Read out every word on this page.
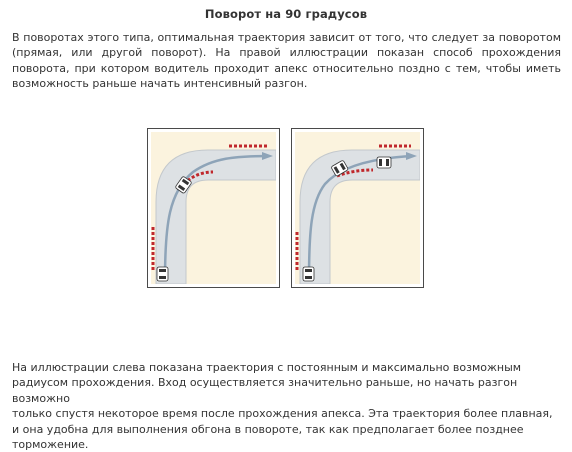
Поворот на 90 градусов

В поворотах этого типа, оптимальная траектория зависит от того, что следует за поворотом (прямая, или другой поворот). На правой иллюстрации показан способ прохождения поворота, при котором водитель проходит апекс относительно поздно с тем, чтобы иметь возможность раньше начать интенсивный разгон.

На иллюстрации слева показана траектория с постоянным и максимально возможным
радиусом прохождения. Вход осуществляется значительно раньше, но начать разгон возможно
только спустя некоторое время после прохождения апекса. Эта траектория более плавная,
и она удобна для выполнения обгона в повороте, так как предполагает более позднее
торможение.
